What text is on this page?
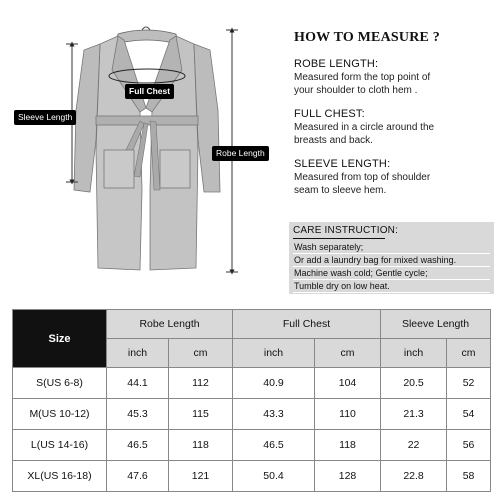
Full Chest
Sleeve Length
Robe Length
HOW TO MEASURE ?
ROBE LENGTH:
Measured form the top point of
your shoulder to cloth hem .
FULL CHEST:
Measured in a circle around the
breasts and back.
SLEEVE LENGTH:
Measured from top of shoulder
seam to sleeve hem.
CARE INSTRUCTION:
Wash separately;
Or add a laundry bag for mixed washing.
Machine wash cold; Gentle cycle;
Tumble dry on low heat.
Size	Robe Length		Full Chest		Sleeve Length	
	inch	cm	inch	cm	inch	cm
S(US 6-8)	44.1	112	40.9	104	20.5	52
M(US 10-12)	45.3	115	43.3	110	21.3	54
L(US 14-16)	46.5	118	46.5	118	22	56
XL(US 16-18)	47.6	121	50.4	128	22.8	58
